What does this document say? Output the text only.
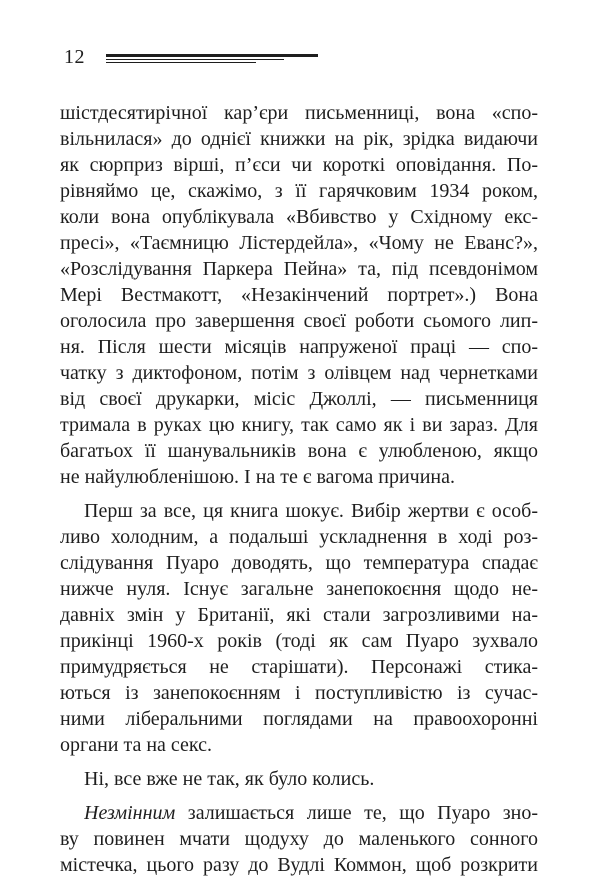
12
шістдесятирічної кар’єри письменниці, вона «спо-
вільнилася» до однієї книжки на рік, зрідка видаючи
як сюрприз вірші, п’єси чи короткі оповідання. По-
рівняймо це, скажімо, з її гарячковим 1934 роком,
коли вона опублікувала «Вбивство у Східному екс-
пресі», «Таємницю Лістердейла», «Чому не Еванс?»,
«Розслідування Паркера Пейна» та, під псевдонімом
Мері Вестмакотт, «Незакінчений портрет».) Вона
оголосила про завершення своєї роботи сьомого лип-
ня. Після шести місяців напруженої праці — спо-
чатку з диктофоном, потім з олівцем над чернетками
від своєї друкарки, місіс Джоллі, — письменниця
тримала в руках цю книгу, так само як і ви зараз. Для
багатьох її шанувальників вона є улюбленою, якщо
не найулюбленішою. І на те є вагома причина.
Перш за все, ця книга шокує. Вибір жертви є особ-
ливо холодним, а подальші ускладнення в ході роз-
слідування Пуаро доводять, що температура спадає
нижче нуля. Існує загальне занепокоєння щодо не-
давніх змін у Британії, які стали загрозливими на-
прикінці 1960-х років (тоді як сам Пуаро зухвало
примудряється не старішати). Персонажі стика-
ються із занепокоєнням і поступливістю із сучас-
ними ліберальними поглядами на правоохоронні
органи та на секс.
Ні, все вже не так, як було колись.
Незмінним залишається лише те, що Пуаро зно-
ву повинен мчати щодуху до маленького сонного
містечка, цього разу до Вудлі Коммон, щоб розкрити
